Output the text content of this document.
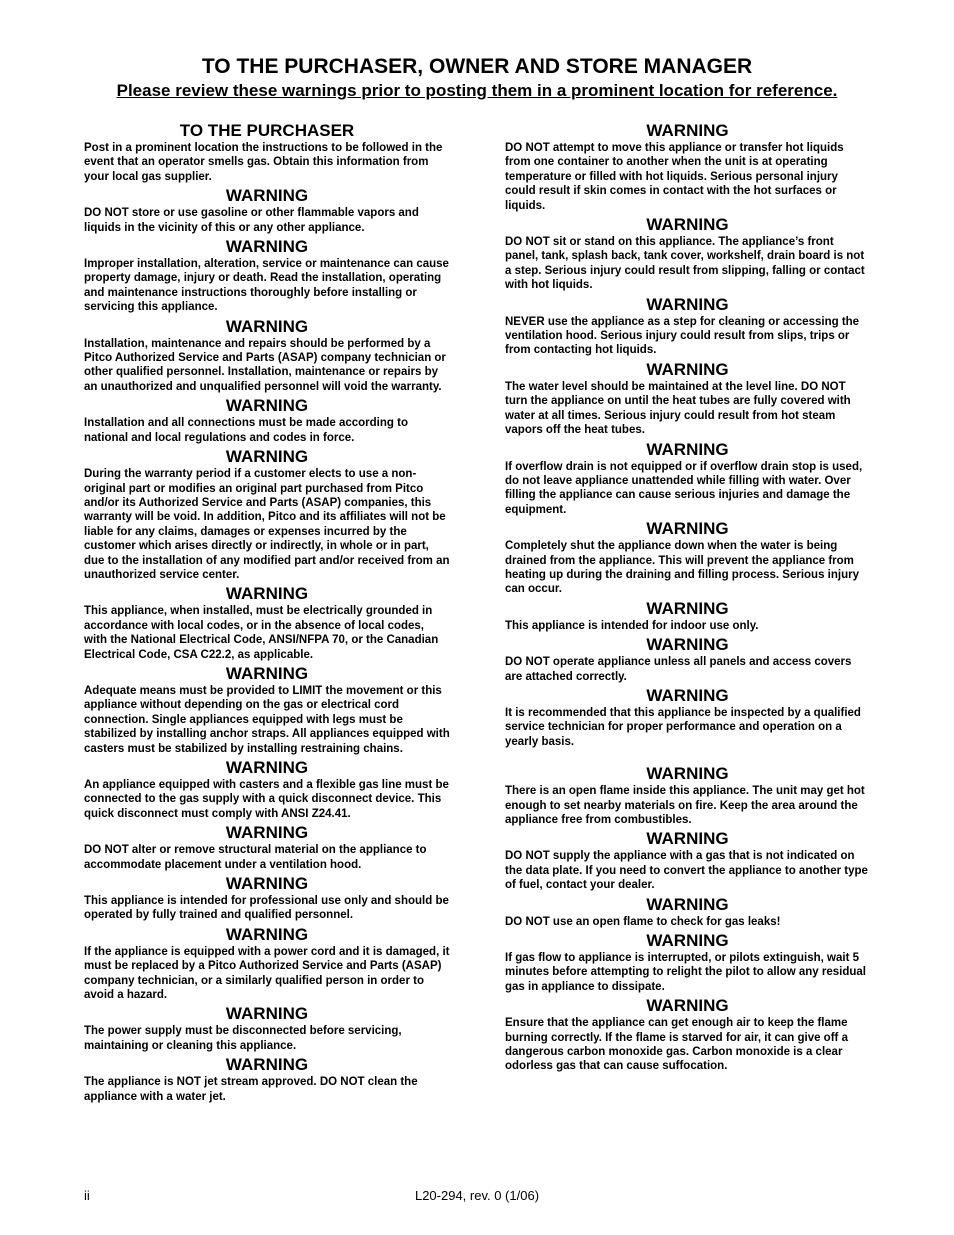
TO THE PURCHASER, OWNER AND STORE MANAGER
Please review these warnings prior to posting them in a prominent location for reference.
TO THE PURCHASER

Post in a prominent location the instructions to be followed in the event that an operator smells gas. Obtain this information from your local gas supplier.

WARNING

DO NOT store or use gasoline or other flammable vapors and liquids in the vicinity of this or any other appliance.

WARNING

Improper installation, alteration, service or maintenance can cause property damage, injury or death. Read the installation, operating and maintenance instructions thoroughly before installing or servicing this appliance.

WARNING

Installation, maintenance and repairs should be performed by a Pitco Authorized Service and Parts (ASAP) company technician or other qualified personnel. Installation, maintenance or repairs by an unauthorized and unqualified personnel will void the warranty.

WARNING

Installation and all connections must be made according to national and local regulations and codes in force.

WARNING

During the warranty period if a customer elects to use a non-original part or modifies an original part purchased from Pitco and/or its Authorized Service and Parts (ASAP) companies, this warranty will be void. In addition, Pitco and its affiliates will not be liable for any claims, damages or expenses incurred by the customer which arises directly or indirectly, in whole or in part, due to the installation of any modified part and/or received from an unauthorized service center.

WARNING

This appliance, when installed, must be electrically grounded in accordance with local codes, or in the absence of local codes, with the National Electrical Code, ANSI/NFPA 70, or the Canadian Electrical Code, CSA C22.2, as applicable.

WARNING

Adequate means must be provided to LIMIT the movement or this appliance without depending on the gas or electrical cord connection. Single appliances equipped with legs must be stabilized by installing anchor straps. All appliances equipped with casters must be stabilized by installing restraining chains.

WARNING

An appliance equipped with casters and a flexible gas line must be connected to the gas supply with a quick disconnect device. This quick disconnect must comply with ANSI Z24.41.

WARNING

DO NOT alter or remove structural material on the appliance to accommodate placement under a ventilation hood.

WARNING

This appliance is intended for professional use only and should be operated by fully trained and qualified personnel.

WARNING

If the appliance is equipped with a power cord and it is damaged, it must be replaced by a Pitco Authorized Service and Parts (ASAP) company technician, or a similarly qualified person in order to avoid a hazard.

WARNING

The power supply must be disconnected before servicing, maintaining or cleaning this appliance.

WARNING

The appliance is NOT jet stream approved. DO NOT clean the appliance with a water jet.

WARNING

DO NOT attempt to move this appliance or transfer hot liquids from one container to another when the unit is at operating temperature or filled with hot liquids. Serious personal injury could result if skin comes in contact with the hot surfaces or liquids.

WARNING

DO NOT sit or stand on this appliance. The appliance’s front panel, tank, splash back, tank cover, workshelf, drain board is not a step. Serious injury could result from slipping, falling or contact with hot liquids.

WARNING

NEVER use the appliance as a step for cleaning or accessing the ventilation hood. Serious injury could result from slips, trips or from contacting hot liquids.

WARNING

The water level should be maintained at the level line. DO NOT turn the appliance on until the heat tubes are fully covered with water at all times. Serious injury could result from hot steam vapors off the heat tubes.

WARNING

If overflow drain is not equipped or if overflow drain stop is used, do not leave appliance unattended while filling with water. Over filling the appliance can cause serious injuries and damage the equipment.

WARNING

Completely shut the appliance down when the water is being drained from the appliance. This will prevent the appliance from heating up during the draining and filling process. Serious injury can occur.

WARNING

This appliance is intended for indoor use only.

WARNING

DO NOT operate appliance unless all panels and access covers are attached correctly.

WARNING

It is recommended that this appliance be inspected by a qualified service technician for proper performance and operation on a yearly basis.

WARNING

There is an open flame inside this appliance. The unit may get hot enough to set nearby materials on fire. Keep the area around the appliance free from combustibles.

WARNING

DO NOT supply the appliance with a gas that is not indicated on the data plate. If you need to convert the appliance to another type of fuel, contact your dealer.

WARNING

DO NOT use an open flame to check for gas leaks!

WARNING

If gas flow to appliance is interrupted, or pilots extinguish, wait 5 minutes before attempting to relight the pilot to allow any residual gas in appliance to dissipate.

WARNING

Ensure that the appliance can get enough air to keep the flame burning correctly. If the flame is starved for air, it can give off a dangerous carbon monoxide gas. Carbon monoxide is a clear odorless gas that can cause suffocation.

ii	L20-294, rev. 0 (1/06)
